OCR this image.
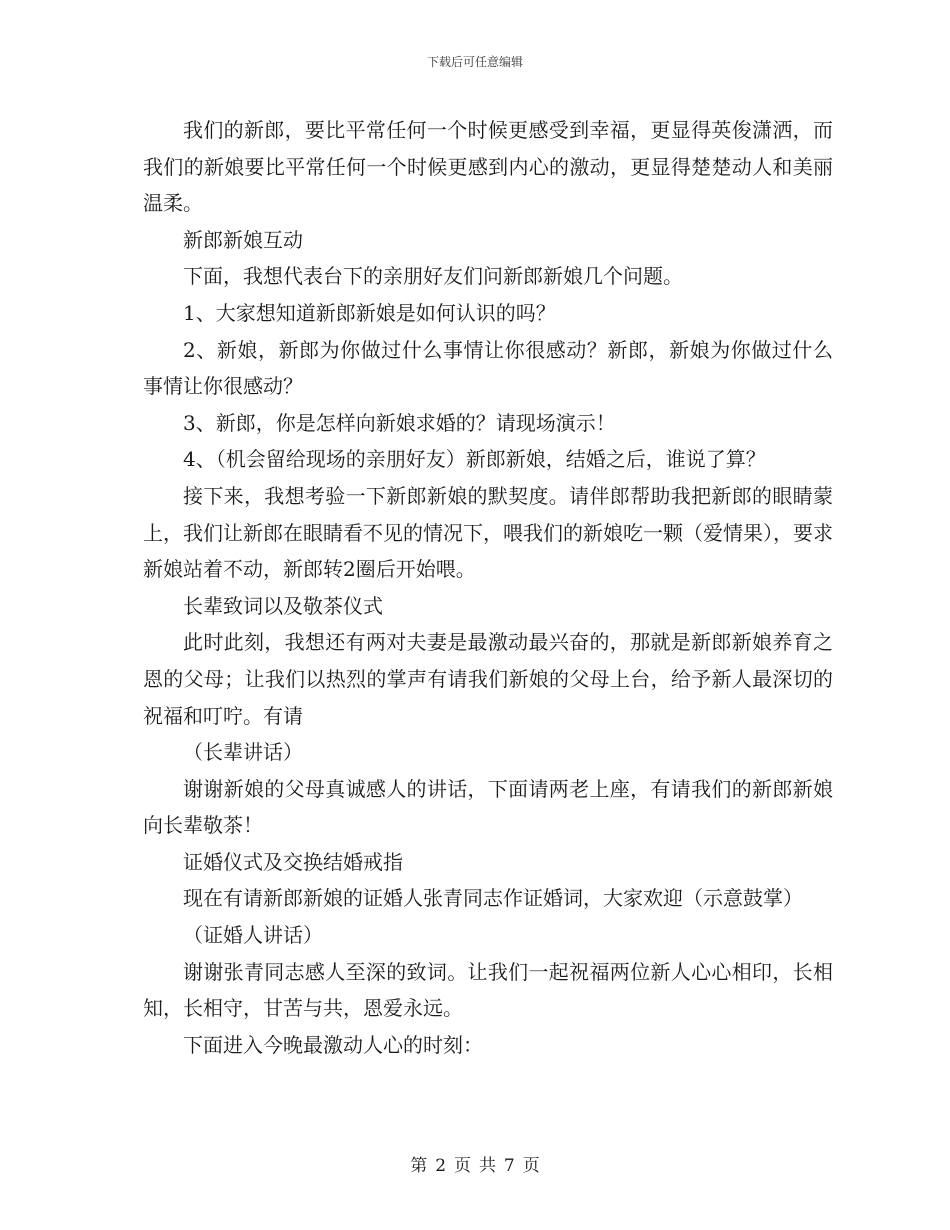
下载后可任意编辑

我们的新郎，要比平常任何一个时候更感受到幸福，更显得英俊潇洒，而我们的新娘要比平常任何一个时候更感到内心的激动，更显得楚楚动人和美丽温柔。

新郎新娘互动

下面，我想代表台下的亲朋好友们问新郎新娘几个问题。

1、大家想知道新郎新娘是如何认识的吗？

2、新娘，新郎为你做过什么事情让你很感动？新郎，新娘为你做过什么事情让你很感动？

3、新郎，你是怎样向新娘求婚的？请现场演示！

4、（机会留给现场的亲朋好友）新郎新娘，结婚之后，谁说了算？

接下来，我想考验一下新郎新娘的默契度。请伴郎帮助我把新郎的眼睛蒙上，我们让新郎在眼睛看不见的情况下，喂我们的新娘吃一颗（爱情果），要求新娘站着不动，新郎转2圈后开始喂。

长辈致词以及敬茶仪式

此时此刻，我想还有两对夫妻是最激动最兴奋的，那就是新郎新娘养育之恩的父母；让我们以热烈的掌声有请我们新娘的父母上台，给予新人最深切的祝福和叮咛。有请

（长辈讲话）

谢谢新娘的父母真诚感人的讲话，下面请两老上座，有请我们的新郎新娘向长辈敬茶！

证婚仪式及交换结婚戒指

现在有请新郎新娘的证婚人张青同志作证婚词，大家欢迎（示意鼓掌）

（证婚人讲话）

谢谢张青同志感人至深的致词。让我们一起祝福两位新人心心相印，长相知，长相守，甘苦与共，恩爱永远。

下面进入今晚最激动人心的时刻：

第 2 页 共 7 页
